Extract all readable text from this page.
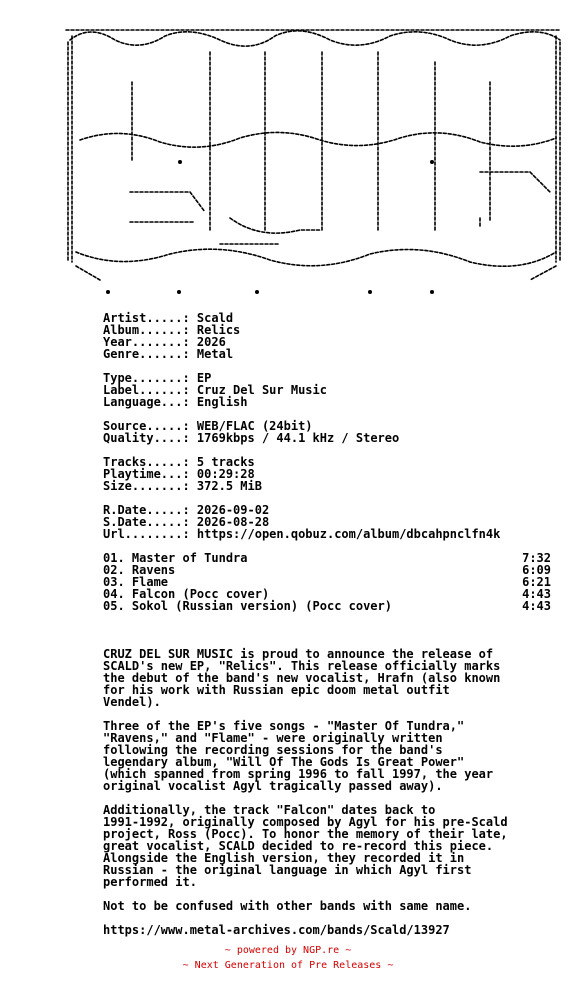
Artist.....: Scald
Album......: Relics
Year.......: 2026
Genre......: Metal
Type.......: EP
Label......: Cruz Del Sur Music
Language...: English
Source.....: WEB/FLAC (24bit)
Quality....: 1769kbps / 44.1 kHz / Stereo
Tracks.....: 5 tracks
Playtime...: 00:29:28
Size.......: 372.5 MiB
R.Date.....: 2026-09-02
S.Date.....: 2026-08-28
Url........: https://open.qobuz.com/album/dbcahpnclfn4k
01. Master of Tundra	7:32
02. Ravens	6:09
03. Flame	6:21
04. Falcon (Pocc cover)	4:43
05. Sokol (Russian version) (Pocc cover)	4:43

CRUZ DEL SUR MUSIC is proud to announce the release of
SCALD's new EP, "Relics". This release officially marks
the debut of the band's new vocalist, Hrafn (also known
for his work with Russian epic doom metal outfit
Vendel).

Three of the EP's five songs - "Master Of Tundra,"
"Ravens," and "Flame" - were originally written
following the recording sessions for the band's
legendary album, "Will Of The Gods Is Great Power"
(which spanned from spring 1996 to fall 1997, the year
original vocalist Agyl tragically passed away).

Additionally, the track "Falcon" dates back to
1991-1992, originally composed by Agyl for his pre-Scald
project, Ross (Pocc). To honor the memory of their late,
great vocalist, SCALD decided to re-record this piece.
Alongside the English version, they recorded it in
Russian - the original language in which Agyl first
performed it.

Not to be confused with other bands with same name.

https://www.metal-archives.com/bands/Scald/13927

~ powered by NGP.re ~
~ Next Generation of Pre Releases ~
